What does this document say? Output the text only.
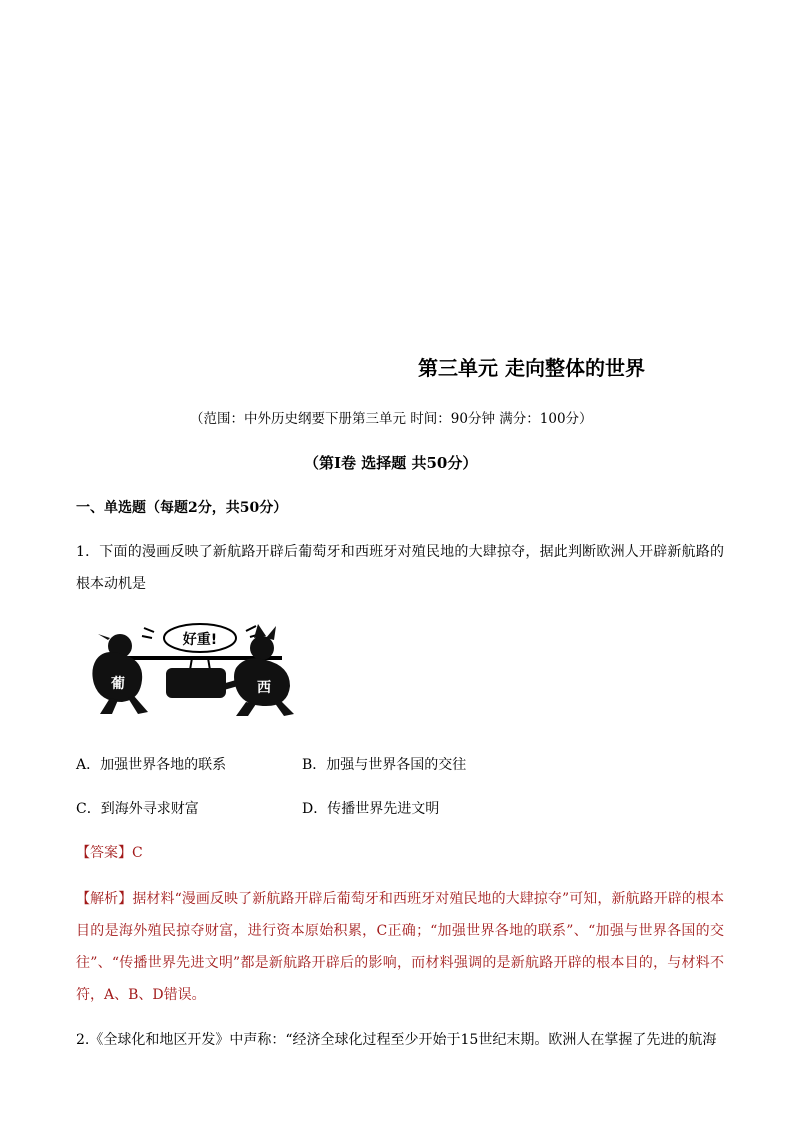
第三单元 走向整体的世界
（范围：中外历史纲要下册第三单元 时间：90分钟 满分：100分）
（第I卷 选择题 共50分）
一、单选题（每题2分，共50分）
1．下面的漫画反映了新航路开辟后葡萄牙和西班牙对殖民地的大肆掠夺，据此判断欧洲人开辟新航路的根本动机是
好重!
葡	西
A．加强世界各地的联系	B．加强与世界各国的交往
C．到海外寻求财富	D．传播世界先进文明
【答案】C
【解析】据材料“漫画反映了新航路开辟后葡萄牙和西班牙对殖民地的大肆掠夺”可知，新航路开辟的根本目的是海外殖民掠夺财富，进行资本原始积累，C正确；“加强世界各地的联系”、“加强与世界各国的交往”、“传播世界先进文明”都是新航路开辟后的影响，而材料强调的是新航路开辟的根本目的，与材料不符，A、B、D错误。
2.《全球化和地区开发》中声称：“经济全球化过程至少开始于15世纪末期。欧洲人在掌握了先进的航海
